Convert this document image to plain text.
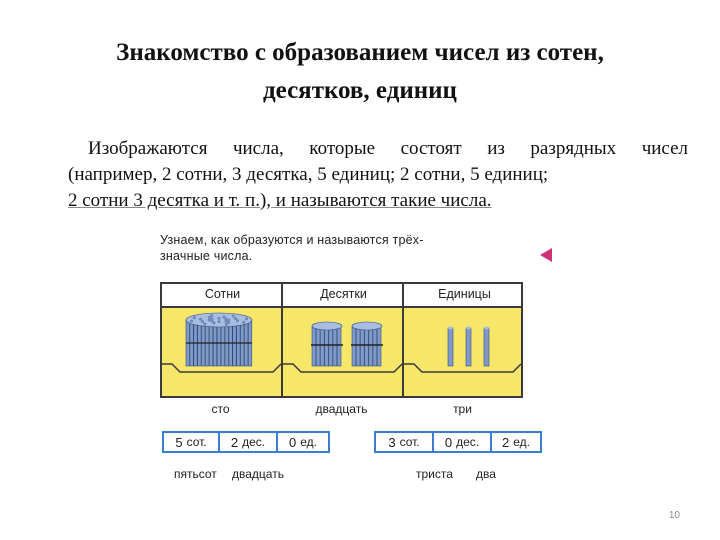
Знакомство с образованием чисел из сотен,
десятков, единиц
Изображаются числа, которые состоят из разрядных чисел
(например, 2 сотни, 3 десятка, 5 единиц; 2 сотни, 5 единиц;
2 сотни 3 десятка и т. п.), и называются такие числа.
Узнаем, как образуются и называются трёх-
значные числа.
Сотни	Десятки	Единицы
сто	двадцать	три
5 сот. 2 дес. 0 ед.	3 сот. 0 дес. 2 ед.
пятьсот двадцать	триста два
10
